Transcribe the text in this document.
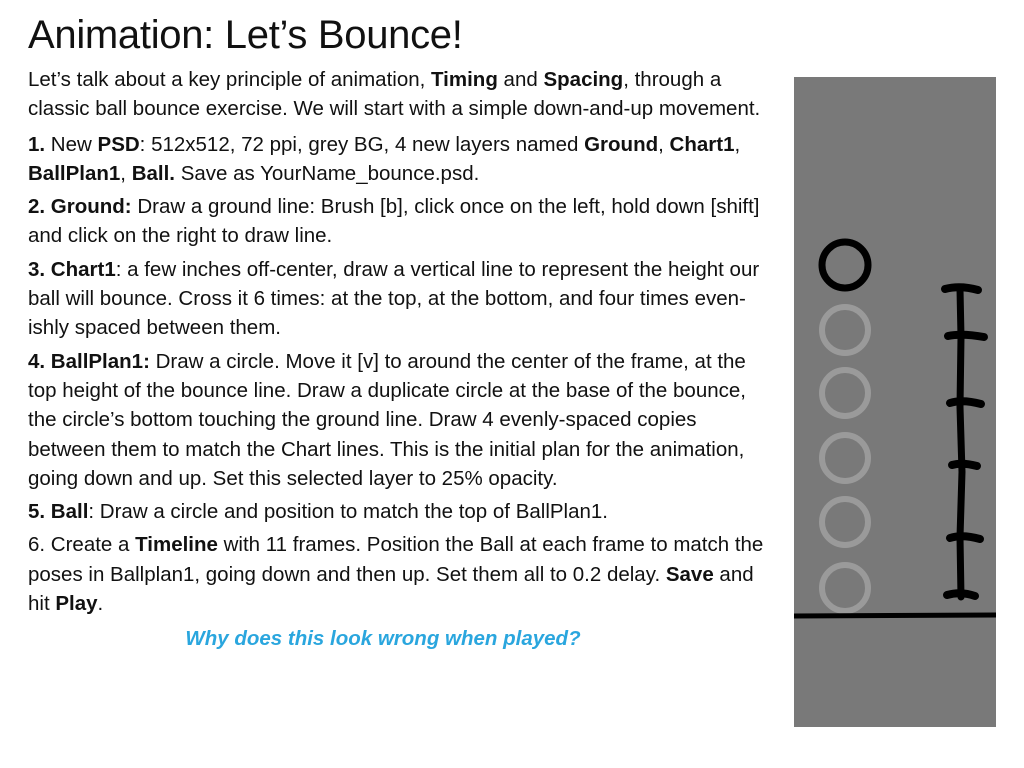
Animation: Let’s Bounce!

Let’s talk about a key principle of animation, Timing and Spacing, through a classic ball bounce exercise. We will start with a simple down-and-up movement.

1. New PSD: 512x512, 72 ppi, grey BG, 4 new layers named Ground, Chart1, BallPlan1, Ball. Save as YourName_bounce.psd.

2. Ground: Draw a ground line: Brush [b], click once on the left, hold down [shift] and click on the right to draw line.

3. Chart1: a few inches off-center, draw a vertical line to represent the height our ball will bounce. Cross it 6 times: at the top, at the bottom, and four times even-ishly spaced between them.

4. BallPlan1: Draw a circle. Move it [v] to around the center of the frame, at the top height of the bounce line. Draw a duplicate circle at the base of the bounce, the circle’s bottom touching the ground line. Draw 4 evenly-spaced copies between them to match the Chart lines. This is the initial plan for the animation, going down and up. Set this selected layer to 25% opacity.

5. Ball: Draw a circle and position to match the top of BallPlan1.

6. Create a Timeline with 11 frames. Position the Ball at each frame to match the poses in Ballplan1, going down and then up. Set them all to 0.2 delay. Save and hit Play.

Why does this look wrong when played?
